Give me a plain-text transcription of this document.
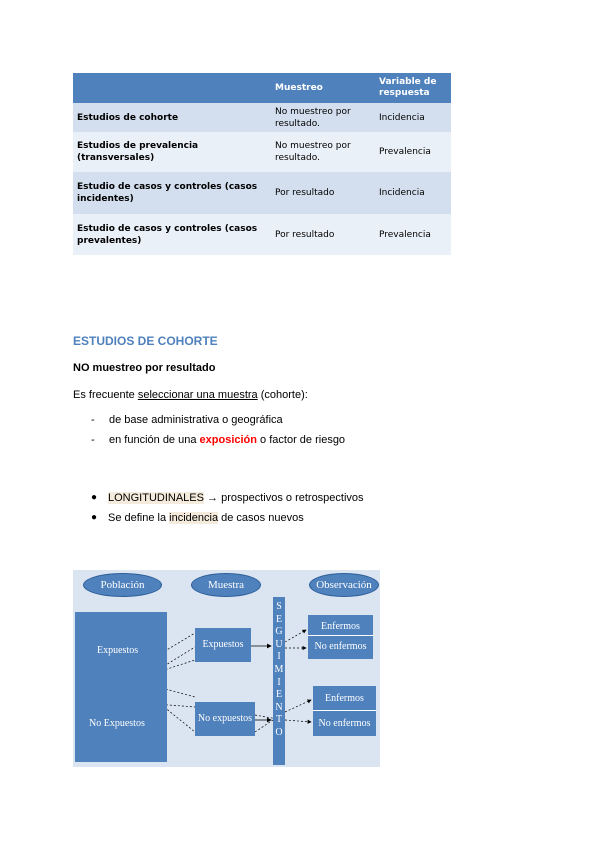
	Muestreo	Variable de respuesta
Estudios de cohorte	No muestreo por resultado.	Incidencia
Estudios de prevalencia (transversales)	No muestreo por resultado.	Prevalencia
Estudio de casos y controles (casos incidentes)	Por resultado	Incidencia
Estudio de casos y controles (casos prevalentes)	Por resultado	Prevalencia
ESTUDIOS DE COHORTE
NO muestreo por resultado
Es frecuente seleccionar una muestra (cohorte):
- de base administrativa o geográfica
- en función de una exposición o factor de riesgo
● LONGITUDINALES → prospectivos o retrospectivos
● Se define la incidencia de casos nuevos
Población	Muestra	Observación
Expuestos
No Expuestos
Expuestos
No expuestos
S
E
G
U
I
M
I
E
N
T
O
Enfermos
No enfermos
Enfermos
No enfermos
